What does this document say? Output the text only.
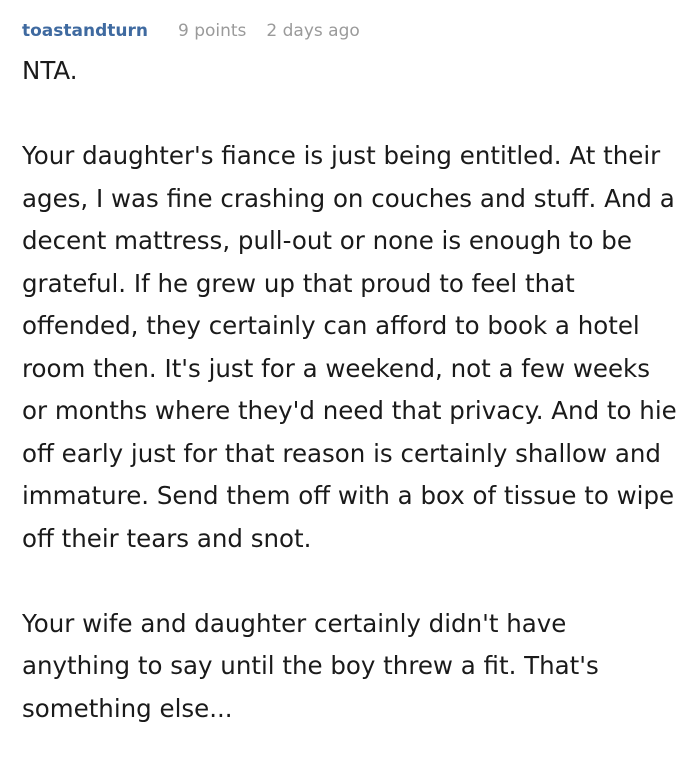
toastandturn 9 points 2 days ago

NTA.

Your daughter's fiance is just being entitled. At their ages, I was fine crashing on couches and stuff. And a decent mattress, pull-out or none is enough to be grateful. If he grew up that proud to feel that offended, they certainly can afford to book a hotel room then. It's just for a weekend, not a few weeks or months where they'd need that privacy. And to hie off early just for that reason is certainly shallow and immature. Send them off with a box of tissue to wipe off their tears and snot.

Your wife and daughter certainly didn't have anything to say until the boy threw a fit. That's something else...
